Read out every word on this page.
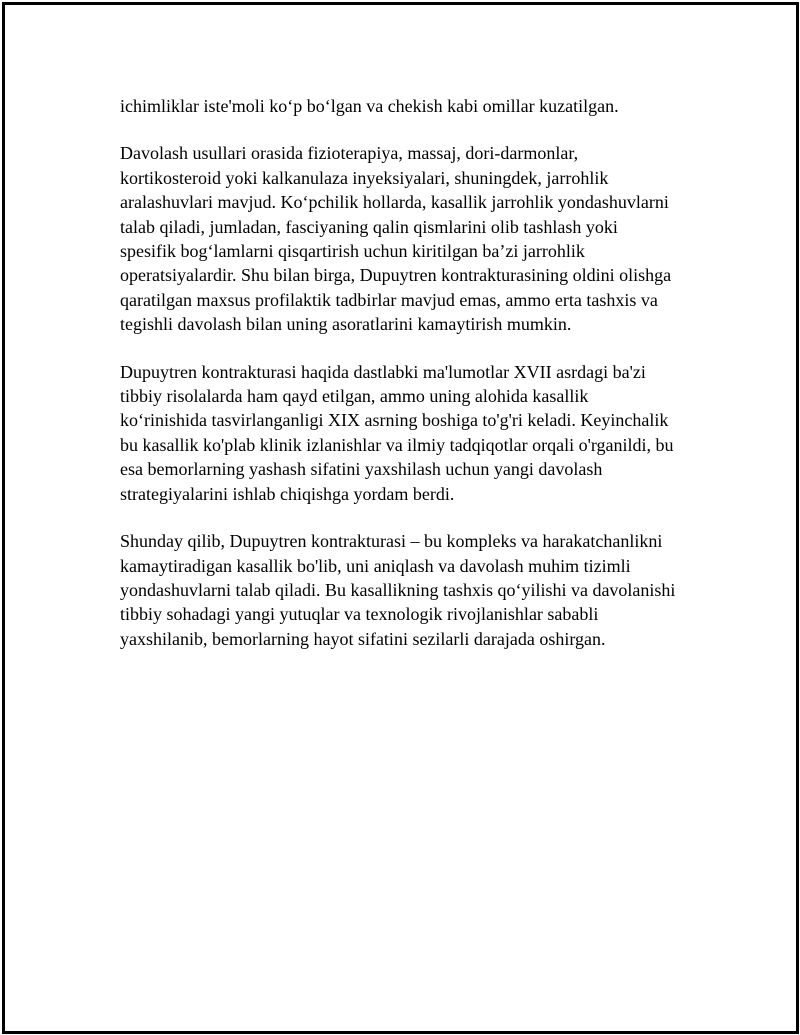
ichimliklar iste'moli ko‘p bo‘lgan va chekish kabi omillar kuzatilgan.

Davolash usullari orasida fizioterapiya, massaj, dori-darmonlar,
kortikosteroid yoki kalkanulaza inyeksiyalari, shuningdek, jarrohlik
aralashuvlari mavjud. Ko‘pchilik hollarda, kasallik jarrohlik yondashuvlarni
talab qiladi, jumladan, fasciyaning qalin qismlarini olib tashlash yoki
spesifik bog‘lamlarni qisqartirish uchun kiritilgan ba’zi jarrohlik
operatsiyalardir. Shu bilan birga, Dupuytren kontrakturasining oldini olishga
qaratilgan maxsus profilaktik tadbirlar mavjud emas, ammo erta tashxis va
tegishli davolash bilan uning asoratlarini kamaytirish mumkin.

Dupuytren kontrakturasi haqida dastlabki ma'lumotlar XVII asrdagi ba'zi
tibbiy risolalarda ham qayd etilgan, ammo uning alohida kasallik
ko‘rinishida tasvirlanganligi XIX asrning boshiga to'g'ri keladi. Keyinchalik
bu kasallik ko'plab klinik izlanishlar va ilmiy tadqiqotlar orqali o'rganildi, bu
esa bemorlarning yashash sifatini yaxshilash uchun yangi davolash
strategiyalarini ishlab chiqishga yordam berdi.

Shunday qilib, Dupuytren kontrakturasi – bu kompleks va harakatchanlikni
kamaytiradigan kasallik bo'lib, uni aniqlash va davolash muhim tizimli
yondashuvlarni talab qiladi. Bu kasallikning tashxis qo‘yilishi va davolanishi
tibbiy sohadagi yangi yutuqlar va texnologik rivojlanishlar sababli
yaxshilanib, bemorlarning hayot sifatini sezilarli darajada oshirgan.
